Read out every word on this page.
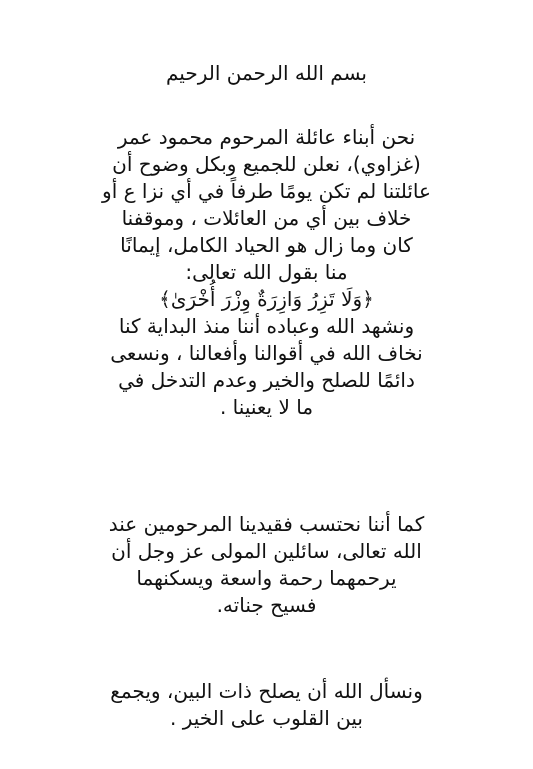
بسم الله الرحمن الرحيم
نحن أبناء عائلة المرحوم محمود عمر
(غزاوي)، نعلن للجميع وبكل وضوح أن
عائلتنا لم تكن يومًا طرفاً في أي نزا ع أو
خلاف بين أي من العائلات ، وموقفنا
كان وما زال هو الحياد الكامل، إيمانًا
منا بقول الله تعالى:
﴿وَلَا تَزِرُ وَازِرَةٌ وِزْرَ أُخْرَىٰ﴾
ونشهد الله وعباده أننا منذ البداية كنا
نخاف الله في أقوالنا وأفعالنا ، ونسعى
دائمًا للصلح والخير وعدم التدخل في
ما لا يعنينا .
كما أننا نحتسب فقيدينا المرحومين عند
الله تعالى، سائلين المولى عز وجل أن
يرحمهما رحمة واسعة ويسكنهما
فسيح جناته.
ونسأل الله أن يصلح ذات البين، ويجمع
بين القلوب على الخير .
